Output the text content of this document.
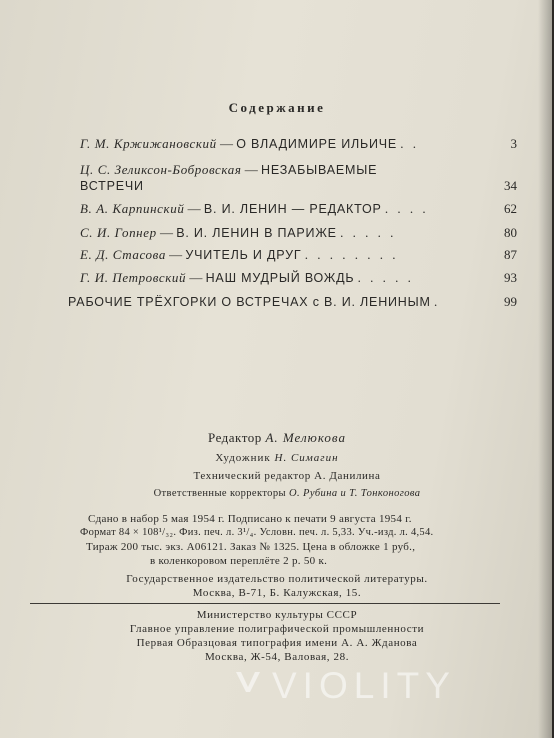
Содержание
Г. М. Кржижановский — О ВЛАДИМИРЕ ИЛЬИЧЕ . .	3
Ц. С. Зеликсон-Бобровская — НЕЗАБЫВАЕМЫЕ
ВСТРЕЧИ	34
В. А. Карпинский — В. И. ЛЕНИН — РЕДАКТОР . . . .	62
С. И. Гопнер — В. И. ЛЕНИН В ПАРИЖЕ . . . . .	80
Е. Д. Стасова — УЧИТЕЛЬ И ДРУГ . . . . . . . .	87
Г. И. Петровский — НАШ МУДРЫЙ ВОЖДЬ . . . . .	93
РАБОЧИЕ ТРЁХГОРКИ О ВСТРЕЧАХ с В. И. ЛЕНИНЫМ .	99
Редактор А. Мелюкова
Художник Н. Симагин
Технический редактор А. Данилина
Ответственные корректоры О. Рубина и Т. Тонконогова
Сдано в набор 5 мая 1954 г. Подписано к печати 9 августа 1954 г.
Формат 84 × 108¹/₃₂. Физ. печ. л. 3¹/₄. Условн. печ. л. 5,33. Уч.-изд. л. 4,54.
Тираж 200 тыс. экз. А06121. Заказ № 1325. Цена в обложке 1 руб.,
в коленкоровом переплёте 2 р. 50 к.
Государственное издательство политической литературы.
Москва, В-71, Б. Калужская, 15.
Министерство культуры СССР
Главное управление полиграфической промышленности
Первая Образцовая типография имени А. А. Жданова
Москва, Ж-54, Валовая, 28.
VIOLITY
